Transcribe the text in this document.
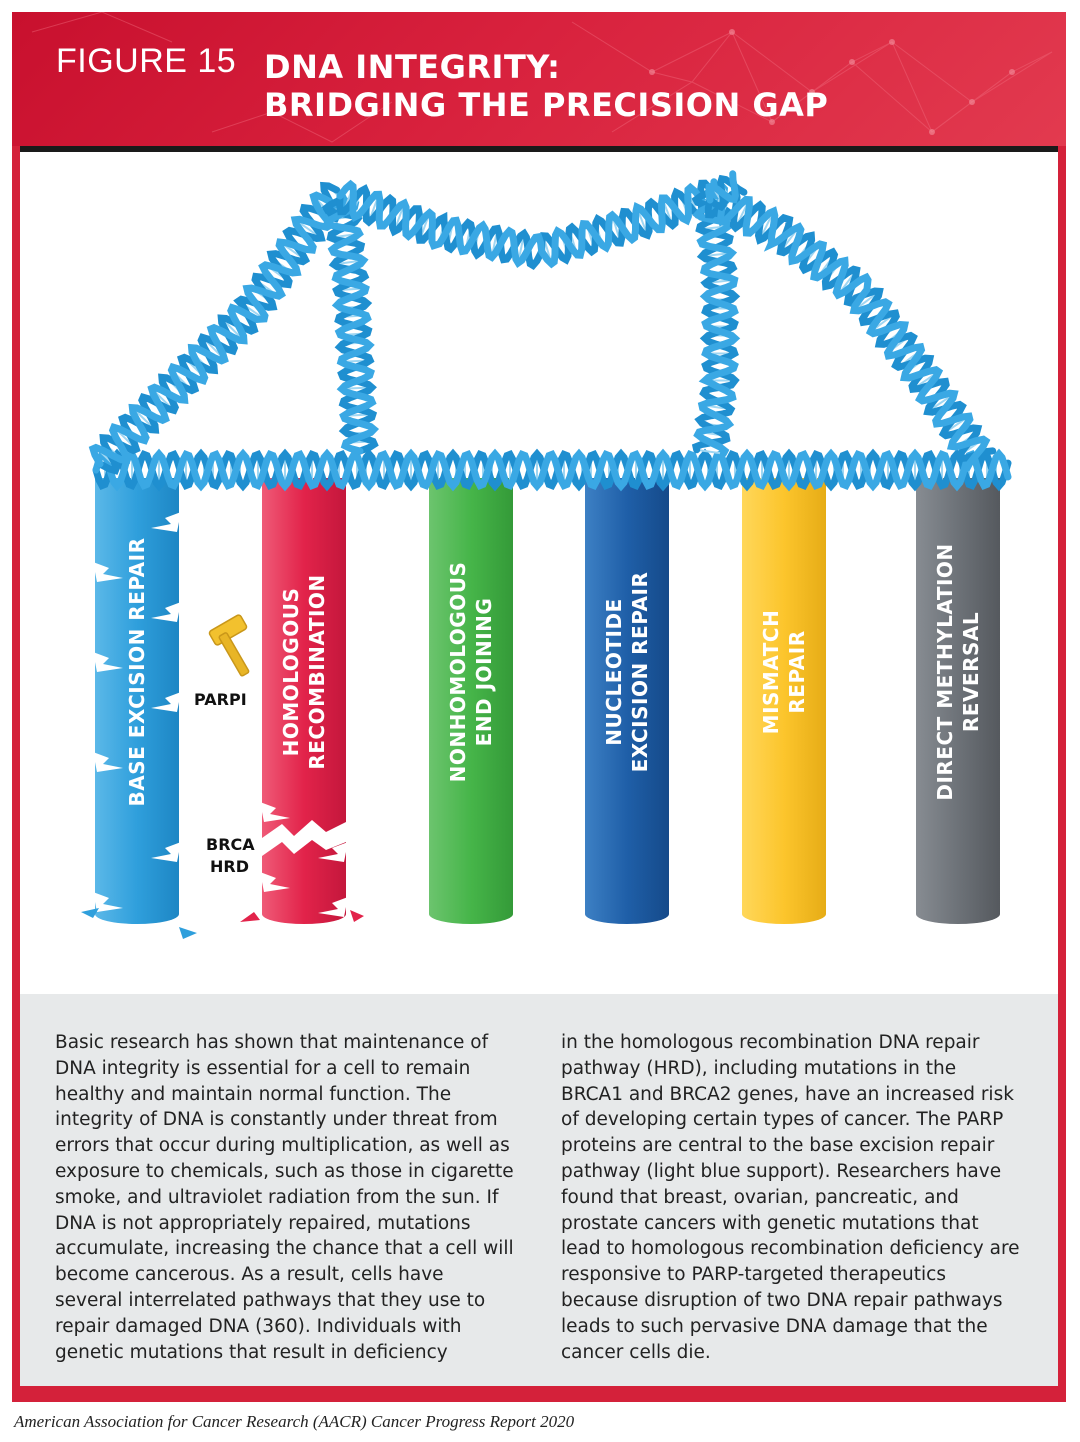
FIGURE 15 DNA INTEGRITY:
BRIDGING THE PRECISION GAP
BASE EXCISION REPAIR	HOMOLOGOUS RECOMBINATION	NONHOMOLOGOUS END JOINING	NUCLEOTIDE EXCISION REPAIR	MISMATCH REPAIR	DIRECT METHYLATION REVERSAL
PARPI
BRCA
HRD
Basic research has shown that maintenance of DNA integrity is essential for a cell to remain healthy and maintain normal function. The integrity of DNA is constantly under threat from errors that occur during multiplication, as well as exposure to chemicals, such as those in cigarette smoke, and ultraviolet radiation from the sun. If DNA is not appropriately repaired, mutations accumulate, increasing the chance that a cell will become cancerous. As a result, cells have several interrelated pathways that they use to repair damaged DNA (360). Individuals with genetic mutations that result in deficiency
in the homologous recombination DNA repair pathway (HRD), including mutations in the BRCA1 and BRCA2 genes, have an increased risk of developing certain types of cancer. The PARP proteins are central to the base excision repair pathway (light blue support). Researchers have found that breast, ovarian, pancreatic, and prostate cancers with genetic mutations that lead to homologous recombination deficiency are responsive to PARP-targeted therapeutics because disruption of two DNA repair pathways leads to such pervasive DNA damage that the cancer cells die.
American Association for Cancer Research (AACR) Cancer Progress Report 2020
